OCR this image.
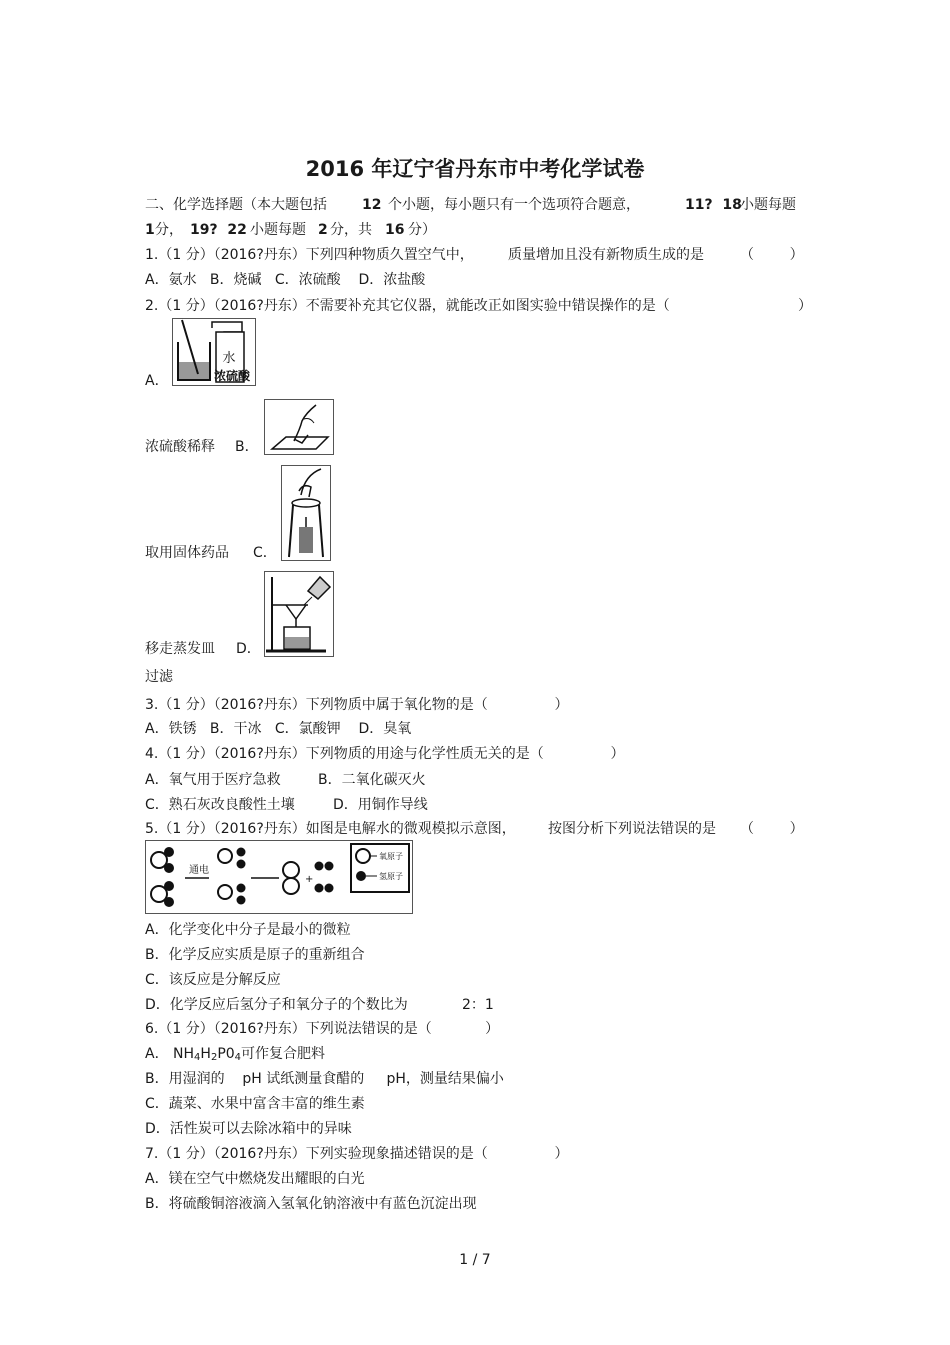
2016 年辽宁省丹东市中考化学试卷
二、化学选择题（本大题包括	12 个小题，每小题只有一个选项符合题意，	11?  18
小题每题
1 分， 19?  22 小题每题 2 分，共 16 分）
1.（1 分）（2016?丹东）下列四种物质久置空气中， 质量增加且没有新物质生成的是	（        ）
A．氨水   B．烧碱   C．浓硫酸    D．浓盐酸
2.（1 分）（2016?丹东）不需要补充其它仪器，就能改正如图实验中错误操作的是（	）
A．
水
浓硫酸
浓硫酸稀释 B．
取用固体药品 C．
移走蒸发皿 D．
过滤
3.（1 分）（2016?丹东）下列物质中属于氧化物的是（               ）
A．铁锈   B．干冰   C．氯酸钾    D．臭氧
4.（1 分）（2016?丹东）下列物质的用途与化学性质无关的是（               ）
A．氧气用于医疗急救	B．二氧化碳灭火
C．熟石灰改良酸性土壤	D．用铜作导线
5.（1 分）（2016?丹东）如图是电解水的微观模拟示意图， 按图分析下列说法错误的是 （        ）
通电
+
氧原子
氢原子
A．化学变化中分子是最小的微粒
B．化学反应实质是原子的重新组合
C．该反应是分解反应
D．化学反应后氢分子和氧分子的个数比为	2：1
6.（1 分）（2016?丹东）下列说法错误的是（            ）
A． $NH_4H_2P0_4$可作复合肥料
B．用湿润的    pH 试纸测量食醋的     pH，测量结果偏小
C．蔬菜、水果中富含丰富的维生素
D．活性炭可以去除冰箱中的异味
7.（1 分）（2016?丹东）下列实验现象描述错误的是（               ）
A．镁在空气中燃烧发出耀眼的白光
B．将硫酸铜溶液滴入氢氧化钠溶液中有蓝色沉淀出现
1 / 7
